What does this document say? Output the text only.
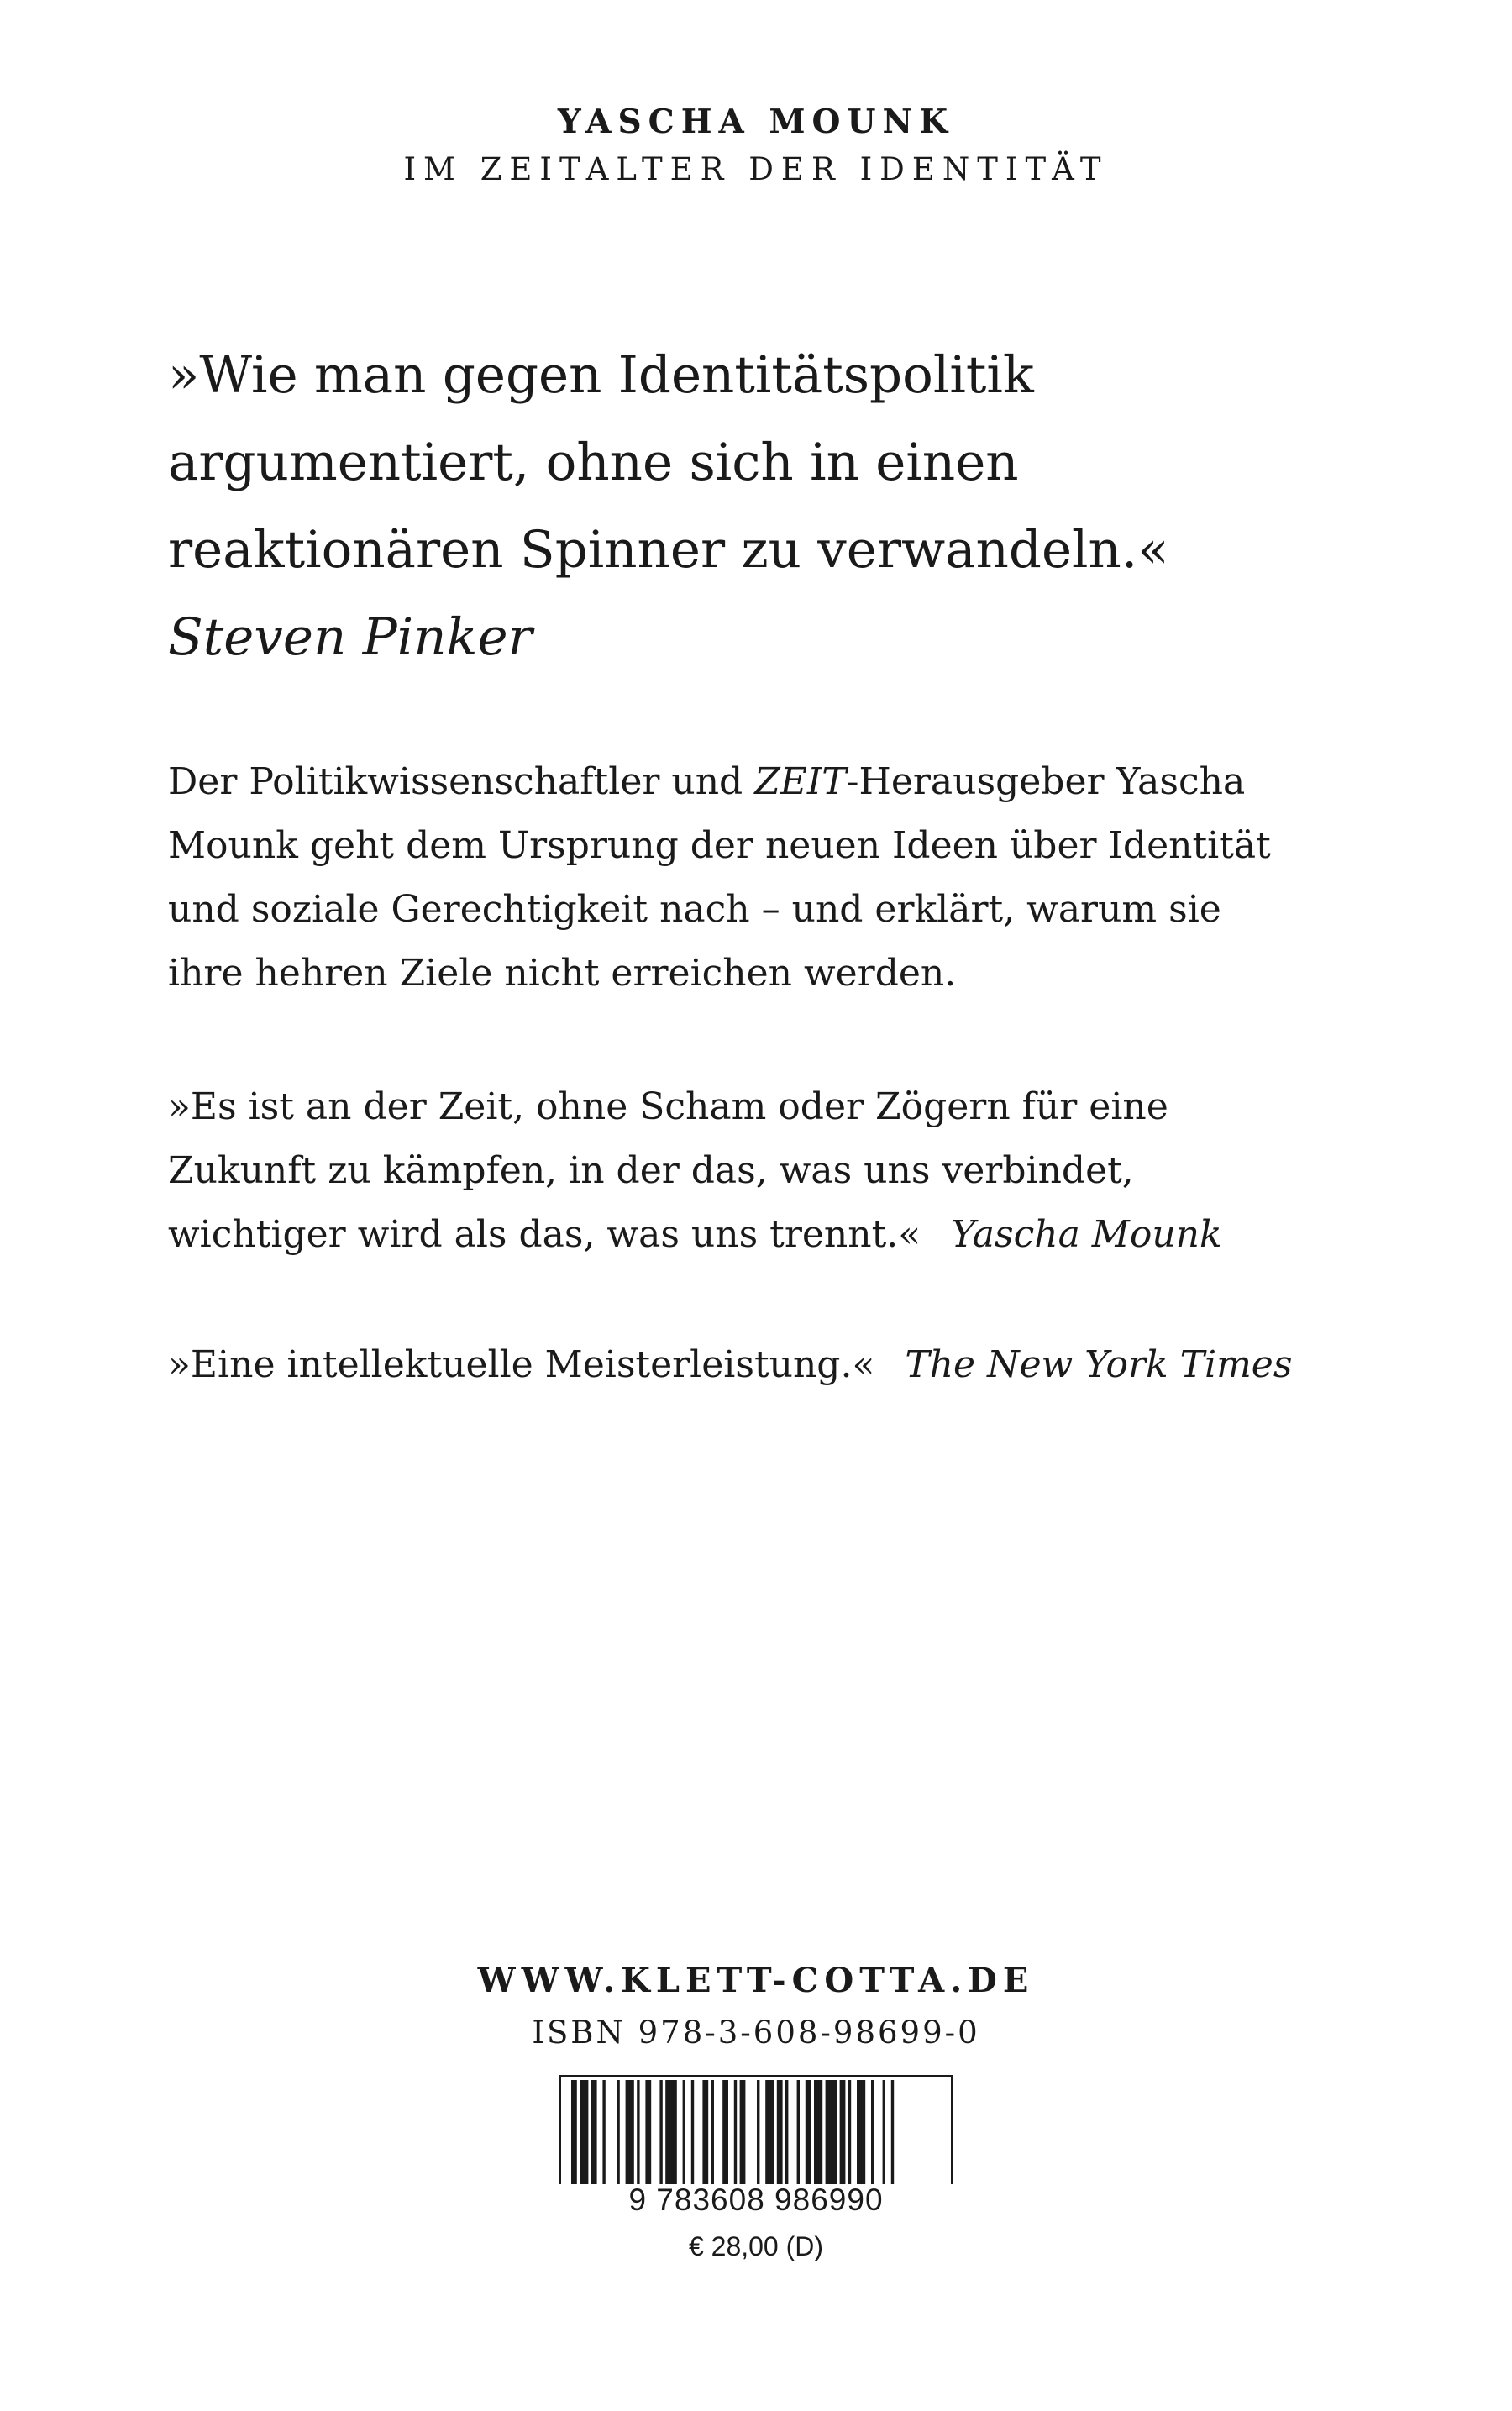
YASCHA MOUNK
IM ZEITALTER DER IDENTITÄT
»Wie man gegen Identitätspolitik
argumentiert, ohne sich in einen
reaktionären Spinner zu verwandeln.«
Steven Pinker
Der Politikwissenschaftler und ZEIT-Herausgeber Yascha
Mounk geht dem Ursprung der neuen Ideen über Identität
und soziale Gerechtigkeit nach – und erklärt, warum sie
ihre hehren Ziele nicht erreichen werden.
»Es ist an der Zeit, ohne Scham oder Zögern für eine
Zukunft zu kämpfen, in der das, was uns verbindet,
wichtiger wird als das, was uns trennt.« Yascha Mounk
»Eine intellektuelle Meisterleistung.« The New York Times
WWW.KLETT-COTTA.DE
ISBN 978-3-608-98699-0
9 783608 986990
€ 28,00 (D)
